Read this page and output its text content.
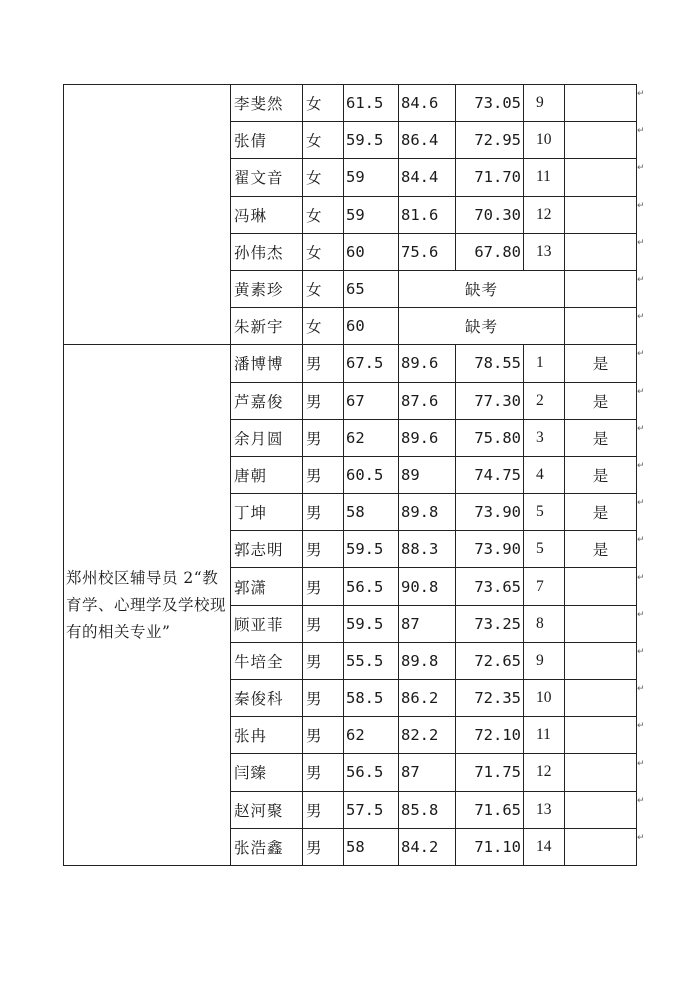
	李斐然	女	61.5	84.6	73.05	9	
	张倩	女	59.5	86.4	72.95	10	
	翟文音	女	59	84.4	71.70	11	
	冯琳	女	59	81.6	70.30	12	
	孙伟杰	女	60	75.6	67.80	13	
	黄素珍	女	65	缺考			
	朱新宇	女	60	缺考			
郑州校区辅导员 2“教育学、心理学及学校现有的相关专业”	潘博博	男	67.5	89.6	78.55	1	是
	芦嘉俊	男	67	87.6	77.30	2	是
	余月圆	男	62	89.6	75.80	3	是
	唐朝	男	60.5	89	74.75	4	是
	丁坤	男	58	89.8	73.90	5	是
	郭志明	男	59.5	88.3	73.90	5	是
	郭潇	男	56.5	90.8	73.65	7	
	顾亚菲	男	59.5	87	73.25	8	
	牛培全	男	55.5	89.8	72.65	9	
	秦俊科	男	58.5	86.2	72.35	10	
	张冉	男	62	82.2	72.10	11	
	闫臻	男	56.5	87	71.75	12	
	赵河聚	男	57.5	85.8	71.65	13	
	张浩鑫	男	58	84.2	71.10	14	
↵
↵
↵
↵
↵
↵
↵
↵
↵
↵
↵
↵
↵
↵
↵
↵
↵
↵
↵
↵
↵
